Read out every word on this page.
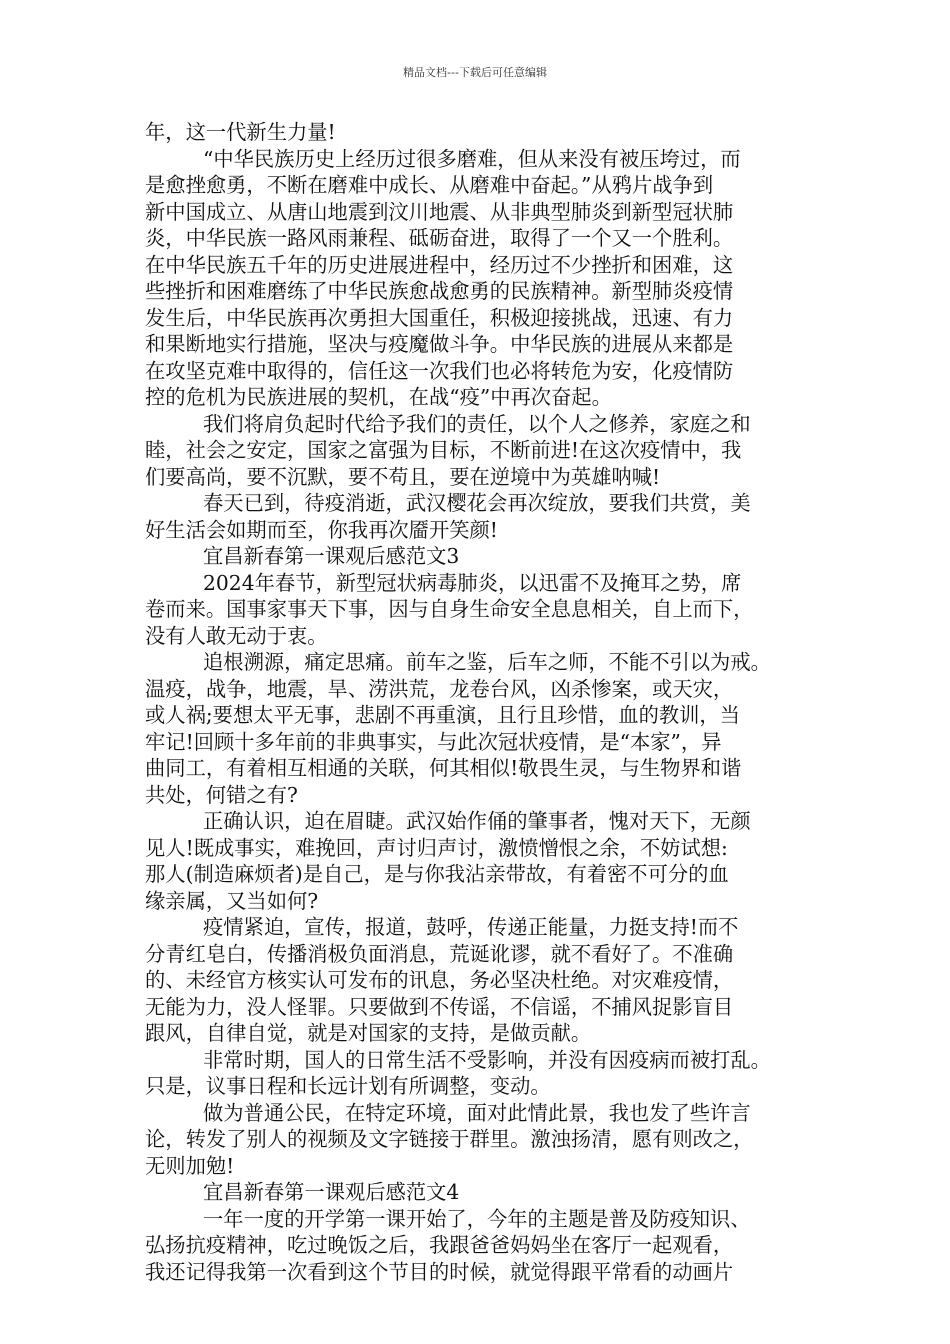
精品文档---下载后可任意编辑
年，这一代新生力量!
“中华民族历史上经历过很多磨难，但从来没有被压垮过，而
是愈挫愈勇，不断在磨难中成长、从磨难中奋起。”从鸦片战争到
新中国成立、从唐山地震到汶川地震、从非典型肺炎到新型冠状肺
炎，中华民族一路风雨兼程、砥砺奋进，取得了一个又一个胜利。
在中华民族五千年的历史进展进程中，经历过不少挫折和困难，这
些挫折和困难磨练了中华民族愈战愈勇的民族精神。新型肺炎疫情
发生后，中华民族再次勇担大国重任，积极迎接挑战，迅速、有力
和果断地实行措施，坚决与疫魔做斗争。中华民族的进展从来都是
在攻坚克难中取得的，信任这一次我们也必将转危为安，化疫情防
控的危机为民族进展的契机，在战“疫”中再次奋起。
我们将肩负起时代给予我们的责任，以个人之修养，家庭之和
睦，社会之安定，国家之富强为目标，不断前进!在这次疫情中，我
们要高尚，要不沉默，要不苟且，要在逆境中为英雄呐喊!
春天已到，待疫消逝，武汉樱花会再次绽放，要我们共赏，美
好生活会如期而至，你我再次靥开笑颜!
宜昌新春第一课观后感范文3
2024年春节，新型冠状病毒肺炎，以迅雷不及掩耳之势，席
卷而来。国事家事天下事，因与自身生命安全息息相关，自上而下，
没有人敢无动于衷。
追根溯源，痛定思痛。前车之鉴，后车之师，不能不引以为戒。
温疫，战争，地震，旱、涝洪荒，龙卷台风，凶杀惨案，或天灾，
或人祸;要想太平无事，悲剧不再重演，且行且珍惜，血的教训，当
牢记!回顾十多年前的非典事实，与此次冠状疫情，是“本家”，异
曲同工，有着相互相通的关联，何其相似!敬畏生灵，与生物界和谐
共处，何错之有?
正确认识，迫在眉睫。武汉始作俑的肇事者，愧对天下，无颜
见人!既成事实，难挽回，声讨归声讨，激愤憎恨之余，不妨试想:
那人(制造麻烦者)是自己，是与你我沾亲带故，有着密不可分的血
缘亲属，又当如何?
疫情紧迫，宣传，报道，鼓呼，传递正能量，力挺支持!而不
分青红皂白，传播消极负面消息，荒诞讹谬，就不看好了。不准确
的、未经官方核实认可发布的讯息，务必坚决杜绝。对灾难疫情，
无能为力，没人怪罪。只要做到不传谣，不信谣，不捕风捉影盲目
跟风，自律自觉，就是对国家的支持，是做贡献。
非常时期，国人的日常生活不受影响，并没有因疫病而被打乱。
只是，议事日程和长远计划有所调整，变动。
做为普通公民，在特定环境，面对此情此景，我也发了些许言
论，转发了别人的视频及文字链接于群里。激浊扬清，愿有则改之，
无则加勉!
宜昌新春第一课观后感范文4
一年一度的开学第一课开始了，今年的主题是普及防疫知识、
弘扬抗疫精神，吃过晚饭之后，我跟爸爸妈妈坐在客厅一起观看，
我还记得我第一次看到这个节目的时候，就觉得跟平常看的动画片
